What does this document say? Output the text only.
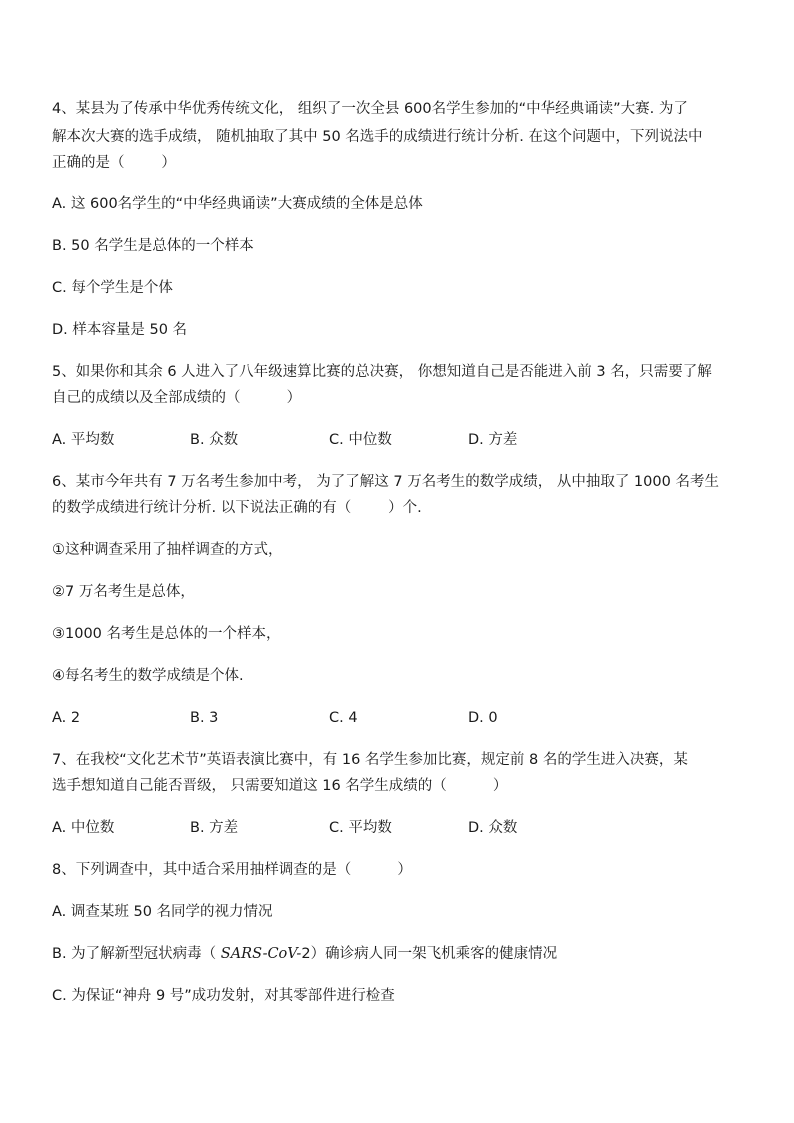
4、某县为了传承中华优秀传统文化， 组织了一次全县 600名学生参加的“中华经典诵读”大赛. 为了
解本次大赛的选手成绩， 随机抽取了其中 50 名选手的成绩进行统计分析. 在这个问题中，下列说法中
正确的是（        ）
A. 这 600名学生的“中华经典诵读”大赛成绩的全体是总体
B. 50 名学生是总体的一个样本
C. 每个学生是个体
D. 样本容量是 50 名
5、如果你和其余 6 人进入了八年级速算比赛的总决赛， 你想知道自己是否能进入前 3 名，只需要了解
自己的成绩以及全部成绩的（          ）
A. 平均数	B. 众数	C. 中位数	D. 方差
6、某市今年共有 7 万名考生参加中考， 为了了解这 7 万名考生的数学成绩， 从中抽取了 1000 名考生
的数学成绩进行统计分析. 以下说法正确的有（        ）个.
①这种调查采用了抽样调查的方式，
②7 万名考生是总体，
③1000 名考生是总体的一个样本，
④每名考生的数学成绩是个体.
A. 2	B. 3	C. 4	D. 0
7、在我校“文化艺术节”英语表演比赛中，有 16 名学生参加比赛，规定前 8 名的学生进入决赛，某
选手想知道自己能否晋级， 只需要知道这 16 名学生成绩的（          ）
A. 中位数	B. 方差	C. 平均数	D. 众数
8、下列调查中，其中适合采用抽样调查的是（          ）
A. 调查某班 50 名同学的视力情况
B. 为了解新型冠状病毒（ SARS-CoV-2）确诊病人同一架飞机乘客的健康情况
C. 为保证“神舟 9 号”成功发射，对其零部件进行检查
